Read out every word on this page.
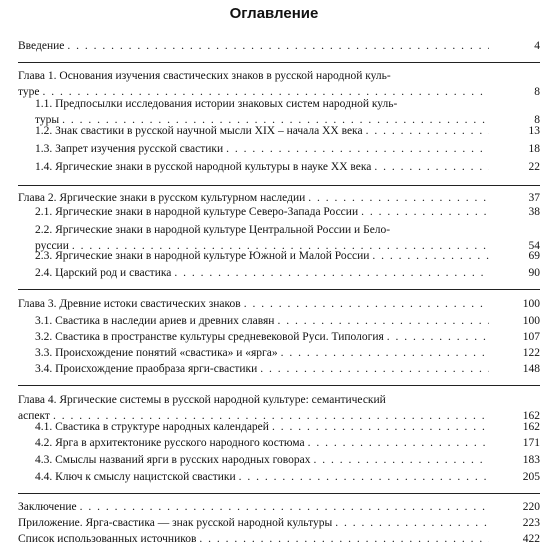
Оглавление
Введение . . .	4
Глава 1. Основания изучения свастических знаков в русской народной куль-
туре . . .	8
1.1. Предпосылки исследования истории знаковых систем народной куль-
туры . . .	8
1.2. Знак свастики в русской научной мысли XIX – начала XX века . . .	13
1.3. Запрет изучения русской свастики . . .	18
1.4. Яргические знаки в русской народной культуры в науке XX века . . .	22
Глава 2. Яргические знаки в русском культурном наследии . . .	37
2.1. Яргические знаки в народной культуре Северо-Запада России . . .	38
2.2. Яргические знаки в народной культуре Центральной России и Бело-
руссии . . .	54
2.3. Яргические знаки в народной культуре Южной и Малой России . . .	69
2.4. Царский род и свастика . . .	90
Глава 3. Древние истоки свастических знаков . . .	100
3.1. Свастика в наследии ариев и древних славян . . .	100
3.2. Свастика в пространстве культуры средневековой Руси. Типология . . .	107
3.3. Происхождение понятий «свастика» и «ярга» . . .	122
3.4. Происхождение праобраза ярги-свастики . . .	148
Глава 4. Яргические системы в русской народной культуре: семантический
аспект . . .	162
4.1. Свастика в структуре народных календарей . . .	162
4.2. Ярга в архитектонике русского народного костюма . . .	171
4.3. Смыслы названий ярги в русских народных говорах . . .	183
4.4. Ключ к смыслу нацистской свастики . . .	205
Заключение . . .	220
Приложение. Ярга-свастика — знак русской народной культуры . . .	223
Список использованных источников . . .	422
